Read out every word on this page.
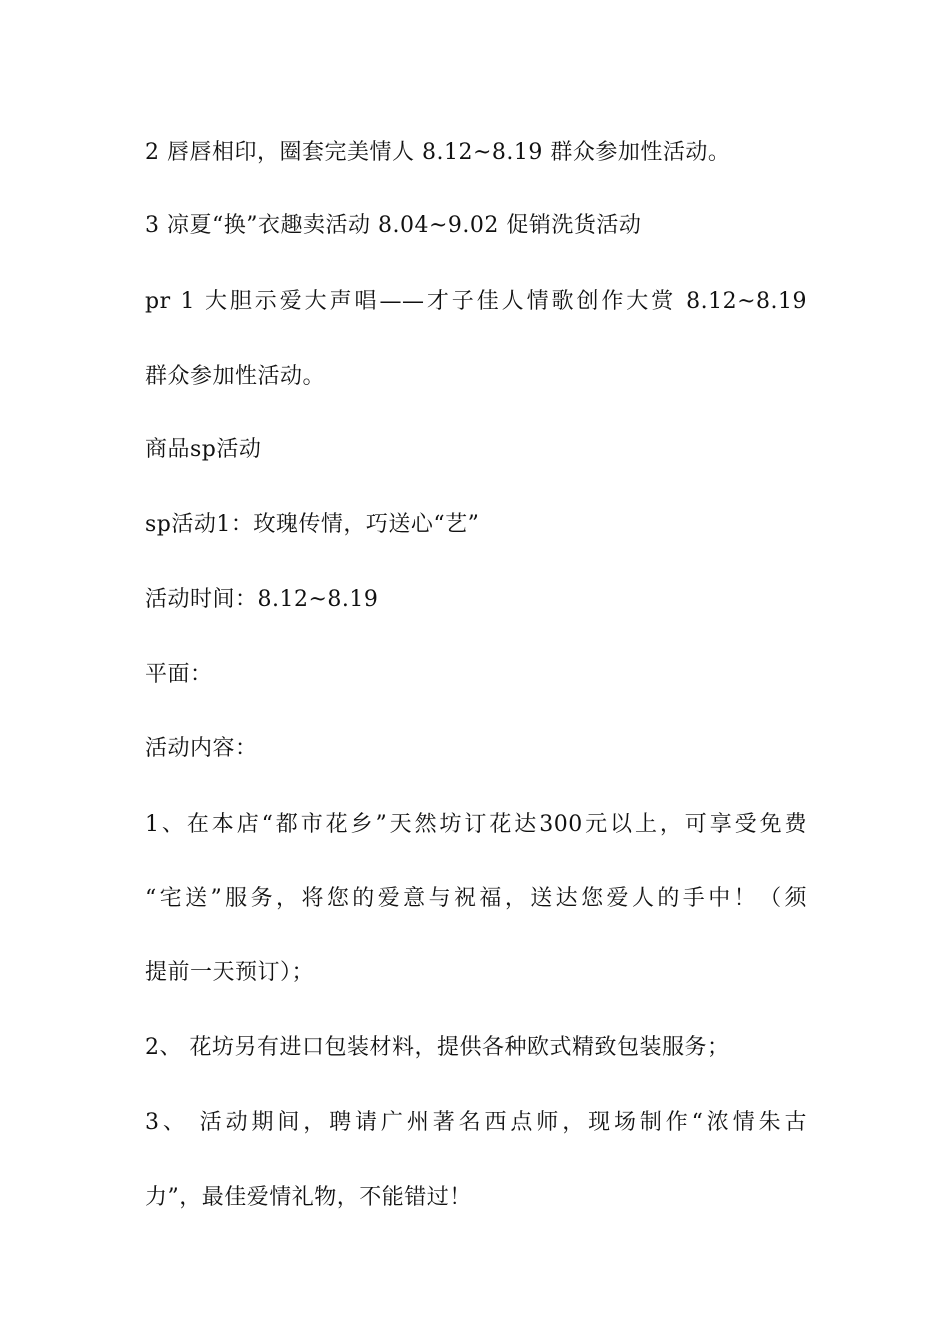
2 唇唇相印，圈套完美情人 8.12~8.19 群众参加性活动。
3 凉夏“换”衣趣卖活动 8.04~9.02 促销洗货活动
pr 1 大胆示爱大声唱——才子佳人情歌创作大赏 8.12~8.19
群众参加性活动。
商品sp活动
sp活动1：玫瑰传情，巧送心“艺”
活动时间：8.12~8.19
平面：
活动内容：
1、在本店“都市花乡”天然坊订花达300元以上，可享受免费
“宅送”服务，将您的爱意与祝福，送达您爱人的手中！（须
提前一天预订）；
2、 花坊另有进口包装材料，提供各种欧式精致包装服务；
3、 活动期间，聘请广州著名西点师，现场制作“浓情朱古
力”，最佳爱情礼物，不能错过！
